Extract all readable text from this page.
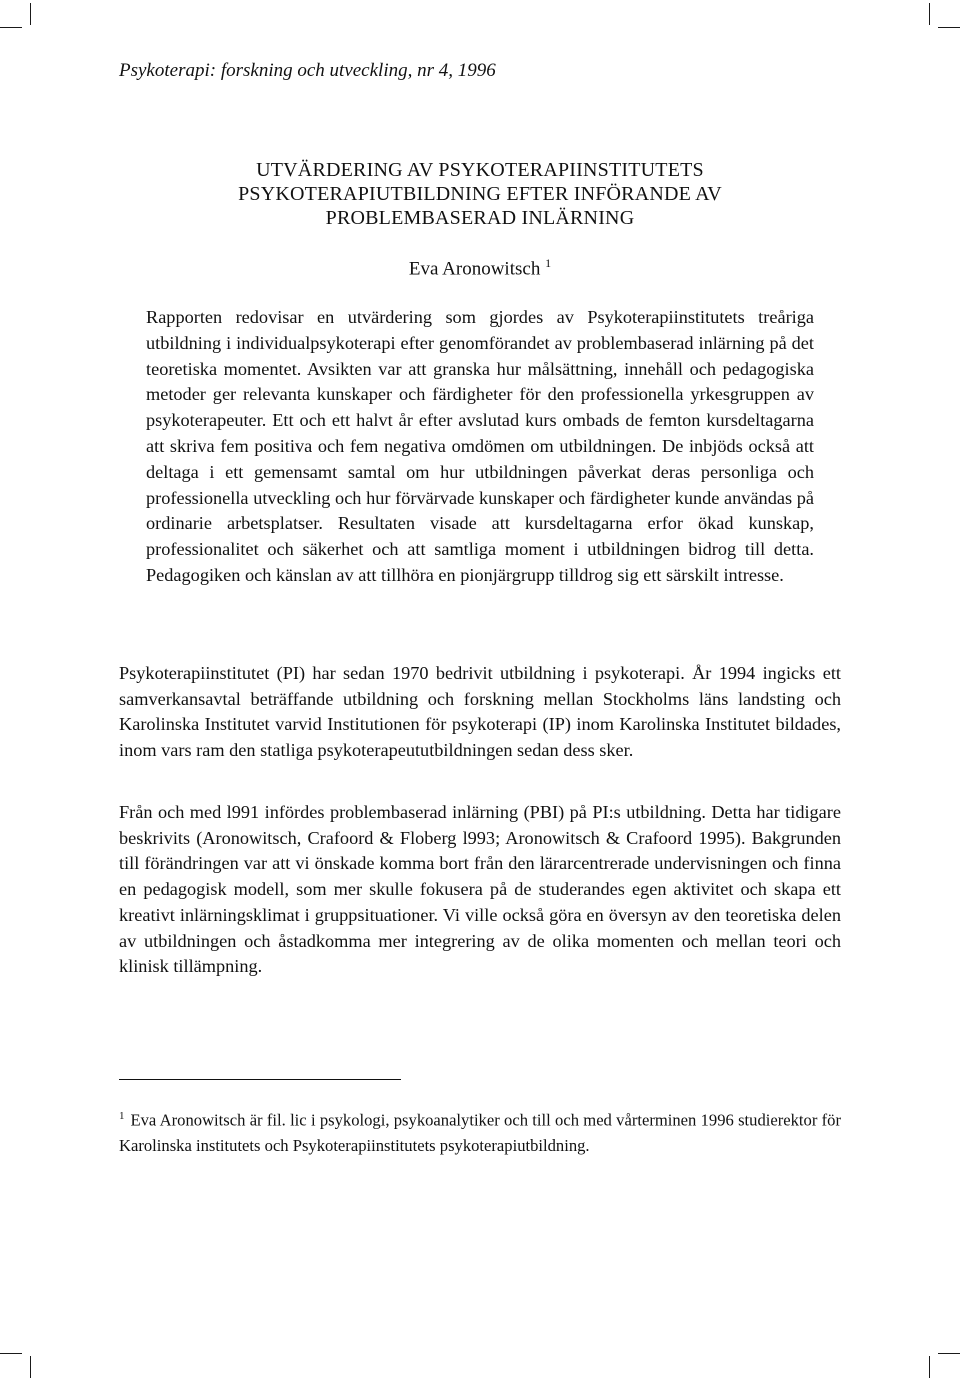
Psykoterapi: forskning och utveckling, nr 4, 1996

UTVÄRDERING AV PSYKOTERAPIINSTITUTETS
PSYKOTERAPIUTBILDNING EFTER INFÖRANDE AV
PROBLEMBASERAD INLÄRNING

Eva Aronowitsch $^1$

Rapporten redovisar en utvärdering som gjordes av Psykoterapiinstitutets treåriga utbildning i individualpsykoterapi efter genomförandet av problembaserad inlärning på det teoretiska momentet. Avsikten var att granska hur målsättning, innehåll och pedagogiska metoder ger relevanta kunskaper och färdigheter för den professionella yrkesgruppen av psykoterapeuter. Ett och ett halvt år efter avslutad kurs ombads de femton kursdeltagarna att skriva fem positiva och fem negativa omdömen om utbildningen. De inbjöds också att deltaga i ett gemensamt samtal om hur utbildningen påverkat deras personliga och professionella utveckling och hur förvärvade kunskaper och färdigheter kunde användas på ordinarie arbetsplatser. Resultaten visade att kursdeltagarna erfor ökad kunskap, professionalitet och säkerhet och att samtliga moment i utbildningen bidrog till detta. Pedagogiken och känslan av att tillhöra en pionjärgrupp tilldrog sig ett särskilt intresse.

Psykoterapiinstitutet (PI) har sedan 1970 bedrivit utbildning i psykoterapi. År 1994 ingicks ett samverkansavtal beträffande utbildning och forskning mellan Stockholms läns landsting och Karolinska Institutet varvid Institutionen för psykoterapi (IP) inom Karolinska Institutet bildades, inom vars ram den statliga psykoterapeututbildningen sedan dess sker.

Från och med l991 infördes problembaserad inlärning (PBI) på PI:s utbildning. Detta har tidigare beskrivits (Aronowitsch, Crafoord & Floberg l993; Aronowitsch & Crafoord 1995). Bakgrunden till förändringen var att vi önskade komma bort från den lärarcentrerade undervisningen och finna en pedagogisk modell, som mer skulle fokusera på de studerandes egen aktivitet och skapa ett kreativt inlärningsklimat i gruppsituationer. Vi ville också göra en översyn av den teoretiska delen av utbildningen och åstadkomma mer integrering av de olika momenten och mellan teori och klinisk tillämpning.

$^1$ Eva Aronowitsch är fil. lic i psykologi, psykoanalytiker och till och med vårterminen 1996 studierektor för Karolinska institutets och Psykoterapiinstitutets psykoterapiutbildning.
